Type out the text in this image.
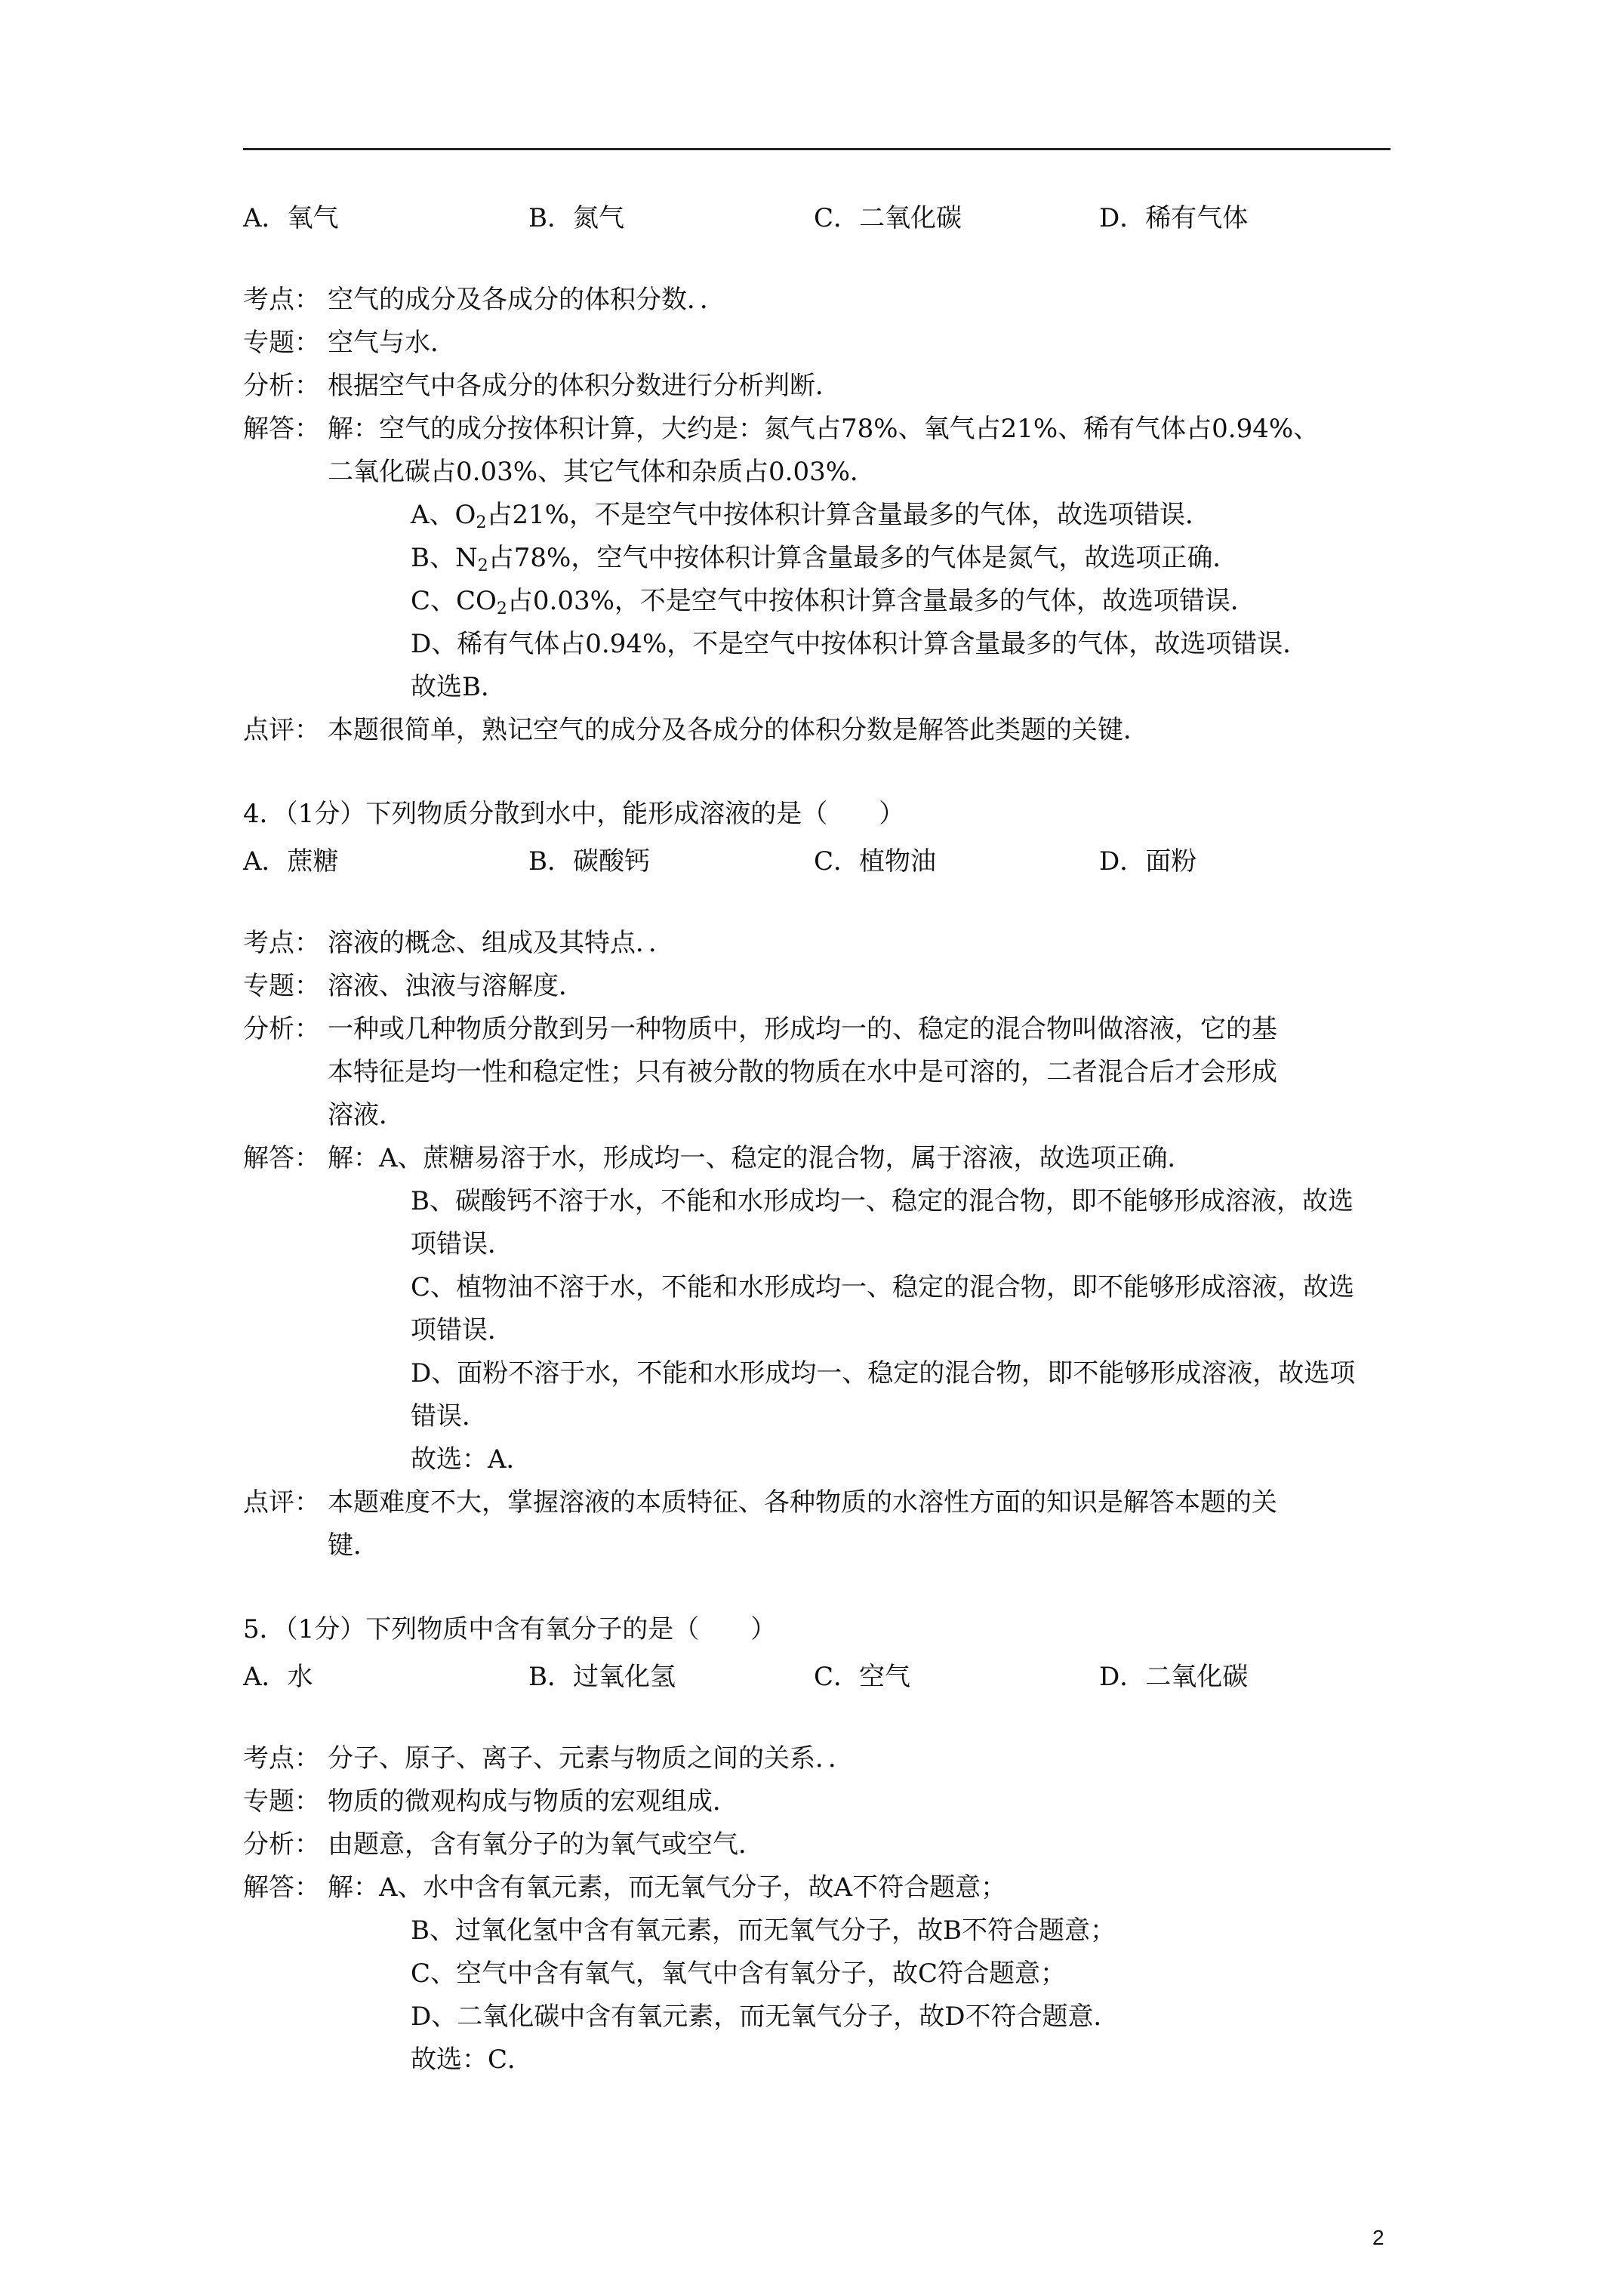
A．氧气	B．氮气	C．二氧化碳	D．稀有气体
考点： 空气的成分及各成分的体积分数．．
专题： 空气与水．
分析： 根据空气中各成分的体积分数进行分析判断．
解答： 解：空气的成分按体积计算，大约是：氮气占78%、氧气占21%、稀有气体占0.94%、
二氧化碳占0.03%、其它气体和杂质占0.03%．
A、$O_2$占21%，不是空气中按体积计算含量最多的气体，故选项错误．
B、$N_2$占78%，空气中按体积计算含量最多的气体是氮气，故选项正确．
C、$CO_2$占0.03%，不是空气中按体积计算含量最多的气体，故选项错误．
D、稀有气体占0.94%，不是空气中按体积计算含量最多的气体，故选项错误．
故选B．
点评： 本题很简单，熟记空气的成分及各成分的体积分数是解答此类题的关键．
4．（1分）下列物质分散到水中，能形成溶液的是（　　）
A．蔗糖	B．碳酸钙	C．植物油	D．面粉
考点： 溶液的概念、组成及其特点．．
专题： 溶液、浊液与溶解度．
分析： 一种或几种物质分散到另一种物质中，形成均一的、稳定的混合物叫做溶液，它的基
本特征是均一性和稳定性；只有被分散的物质在水中是可溶的，二者混合后才会形成
溶液．
解答： 解：A、蔗糖易溶于水，形成均一、稳定的混合物，属于溶液，故选项正确．
B、碳酸钙不溶于水，不能和水形成均一、稳定的混合物，即不能够形成溶液，故选
项错误．
C、植物油不溶于水，不能和水形成均一、稳定的混合物，即不能够形成溶液，故选
项错误．
D、面粉不溶于水，不能和水形成均一、稳定的混合物，即不能够形成溶液，故选项
错误．
故选：A．
点评： 本题难度不大，掌握溶液的本质特征、各种物质的水溶性方面的知识是解答本题的关
键．
5．（1分）下列物质中含有氧分子的是（　　）
A．水	B．过氧化氢	C．空气	D．二氧化碳
考点： 分子、原子、离子、元素与物质之间的关系．．
专题： 物质的微观构成与物质的宏观组成．
分析： 由题意，含有氧分子的为氧气或空气．
解答： 解：A、水中含有氧元素，而无氧气分子，故A不符合题意；
B、过氧化氢中含有氧元素，而无氧气分子，故B不符合题意；
C、空气中含有氧气，氧气中含有氧分子，故C符合题意；
D、二氧化碳中含有氧元素，而无氧气分子，故D不符合题意．
故选：C．
2
